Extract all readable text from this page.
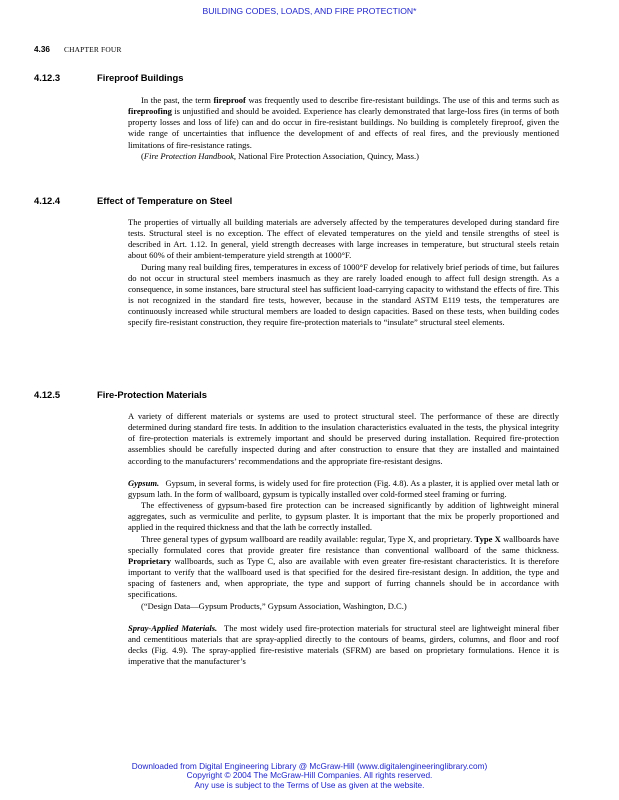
BUILDING CODES, LOADS, AND FIRE PROTECTION*
4.36 CHAPTER FOUR
4.12.3	Fireproof Buildings

In the past, the term fireproof was frequently used to describe fire-resistant buildings. The use of this and terms such as fireproofing is unjustified and should be avoided. Experience has clearly demonstrated that large-loss fires (in terms of both property losses and loss of life) can and do occur in fire-resistant buildings. No building is completely fireproof, given the wide range of uncertainties that influence the development of and effects of real fires, and the previously mentioned limitations of fire-resistance ratings.

(Fire Protection Handbook, National Fire Protection Association, Quincy, Mass.)

4.12.4	Effect of Temperature on Steel

The properties of virtually all building materials are adversely affected by the temperatures developed during standard fire tests. Structural steel is no exception. The effect of elevated temperatures on the yield and tensile strengths of steel is described in Art. 1.12. In general, yield strength decreases with large increases in temperature, but structural steels retain about 60% of their ambient-temperature yield strength at 1000°F.

During many real building fires, temperatures in excess of 1000°F develop for relatively brief periods of time, but failures do not occur in structural steel members inasmuch as they are rarely loaded enough to affect full design strength. As a consequence, in some instances, bare structural steel has sufficient load-carrying capacity to withstand the effects of fire. This is not recognized in the standard fire tests, however, because in the standard ASTM E119 tests, the temperatures are continuously increased while structural members are loaded to design capacities. Based on these tests, when building codes specify fire-resistant construction, they require fire-protection materials to “insulate” structural steel elements.

4.12.5	Fire-Protection Materials

A variety of different materials or systems are used to protect structural steel. The performance of these are directly determined during standard fire tests. In addition to the insulation characteristics evaluated in the tests, the physical integrity of fire-protection materials is extremely important and should be preserved during installation. Required fire-protection assemblies should be carefully inspected during and after construction to ensure that they are installed and maintained according to the manufacturers’ recommendations and the appropriate fire-resistant designs.

Gypsum. Gypsum, in several forms, is widely used for fire protection (Fig. 4.8). As a plaster, it is applied over metal lath or gypsum lath. In the form of wallboard, gypsum is typically installed over cold-formed steel framing or furring.

The effectiveness of gypsum-based fire protection can be increased significantly by addition of lightweight mineral aggregates, such as vermiculite and perlite, to gypsum plaster. It is important that the mix be properly proportioned and applied in the required thickness and that the lath be correctly installed.

Three general types of gypsum wallboard are readily available: regular, Type X, and proprietary. Type X wallboards have specially formulated cores that provide greater fire resistance than conventional wallboard of the same thickness. Proprietary wallboards, such as Type C, also are available with even greater fire-resistant characteristics. It is therefore important to verify that the wallboard used is that specified for the desired fire-resistant design. In addition, the type and spacing of fasteners and, when appropriate, the type and support of furring channels should be in accordance with specifications.

(“Design Data—Gypsum Products,” Gypsum Association, Washington, D.C.)

Spray-Applied Materials. The most widely used fire-protection materials for structural steel are lightweight mineral fiber and cementitious materials that are spray-applied directly to the contours of beams, girders, columns, and floor and roof decks (Fig. 4.9). The spray-applied fire-resistive materials (SFRM) are based on proprietary formulations. Hence it is imperative that the manufacturer’s

Downloaded from Digital Engineering Library @ McGraw-Hill (www.digitalengineeringlibrary.com)
Copyright © 2004 The McGraw-Hill Companies. All rights reserved.
Any use is subject to the Terms of Use as given at the website.
